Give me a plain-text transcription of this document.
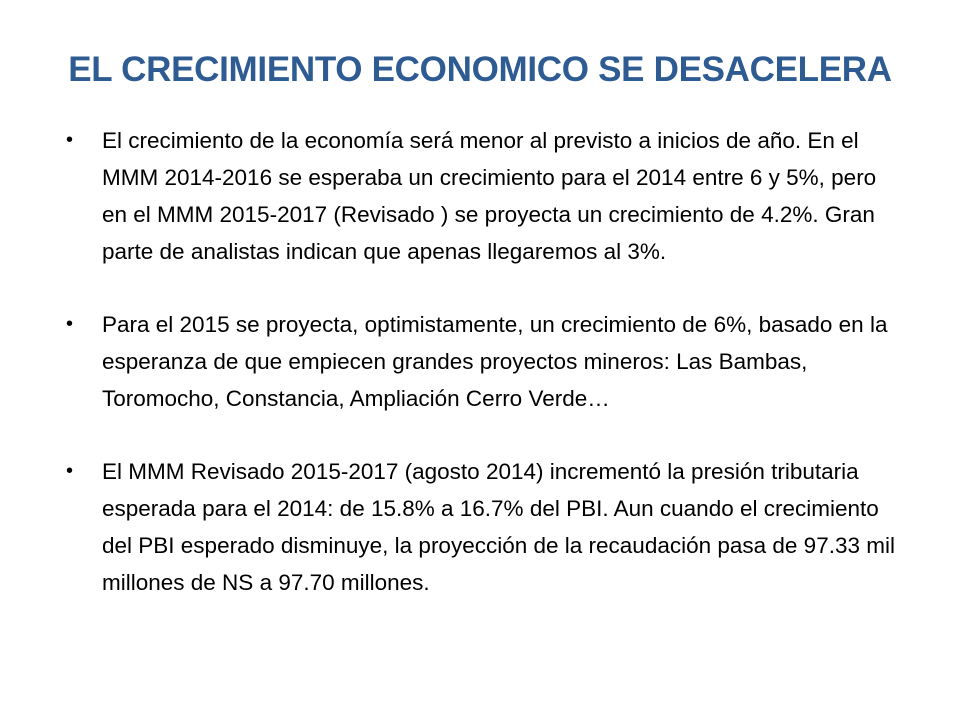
EL CRECIMIENTO ECONOMICO SE DESACELERA
•	El crecimiento de la economía será menor al previsto a inicios de año. En el MMM 2014-2016 se esperaba un crecimiento para el 2014 entre 6 y 5%, pero en el MMM 2015-2017 (Revisado ) se proyecta un crecimiento de 4.2%. Gran parte de analistas indican que apenas llegaremos al 3%.
•	Para el 2015 se proyecta, optimistamente, un crecimiento de 6%, basado en la esperanza de que empiecen grandes proyectos mineros: Las Bambas, Toromocho, Constancia, Ampliación Cerro Verde…
•	El MMM Revisado 2015-2017 (agosto 2014) incrementó la presión tributaria esperada para el 2014: de 15.8% a 16.7% del PBI. Aun cuando el crecimiento del PBI esperado disminuye, la proyección de la recaudación pasa de 97.33 mil millones de NS a 97.70 millones.
